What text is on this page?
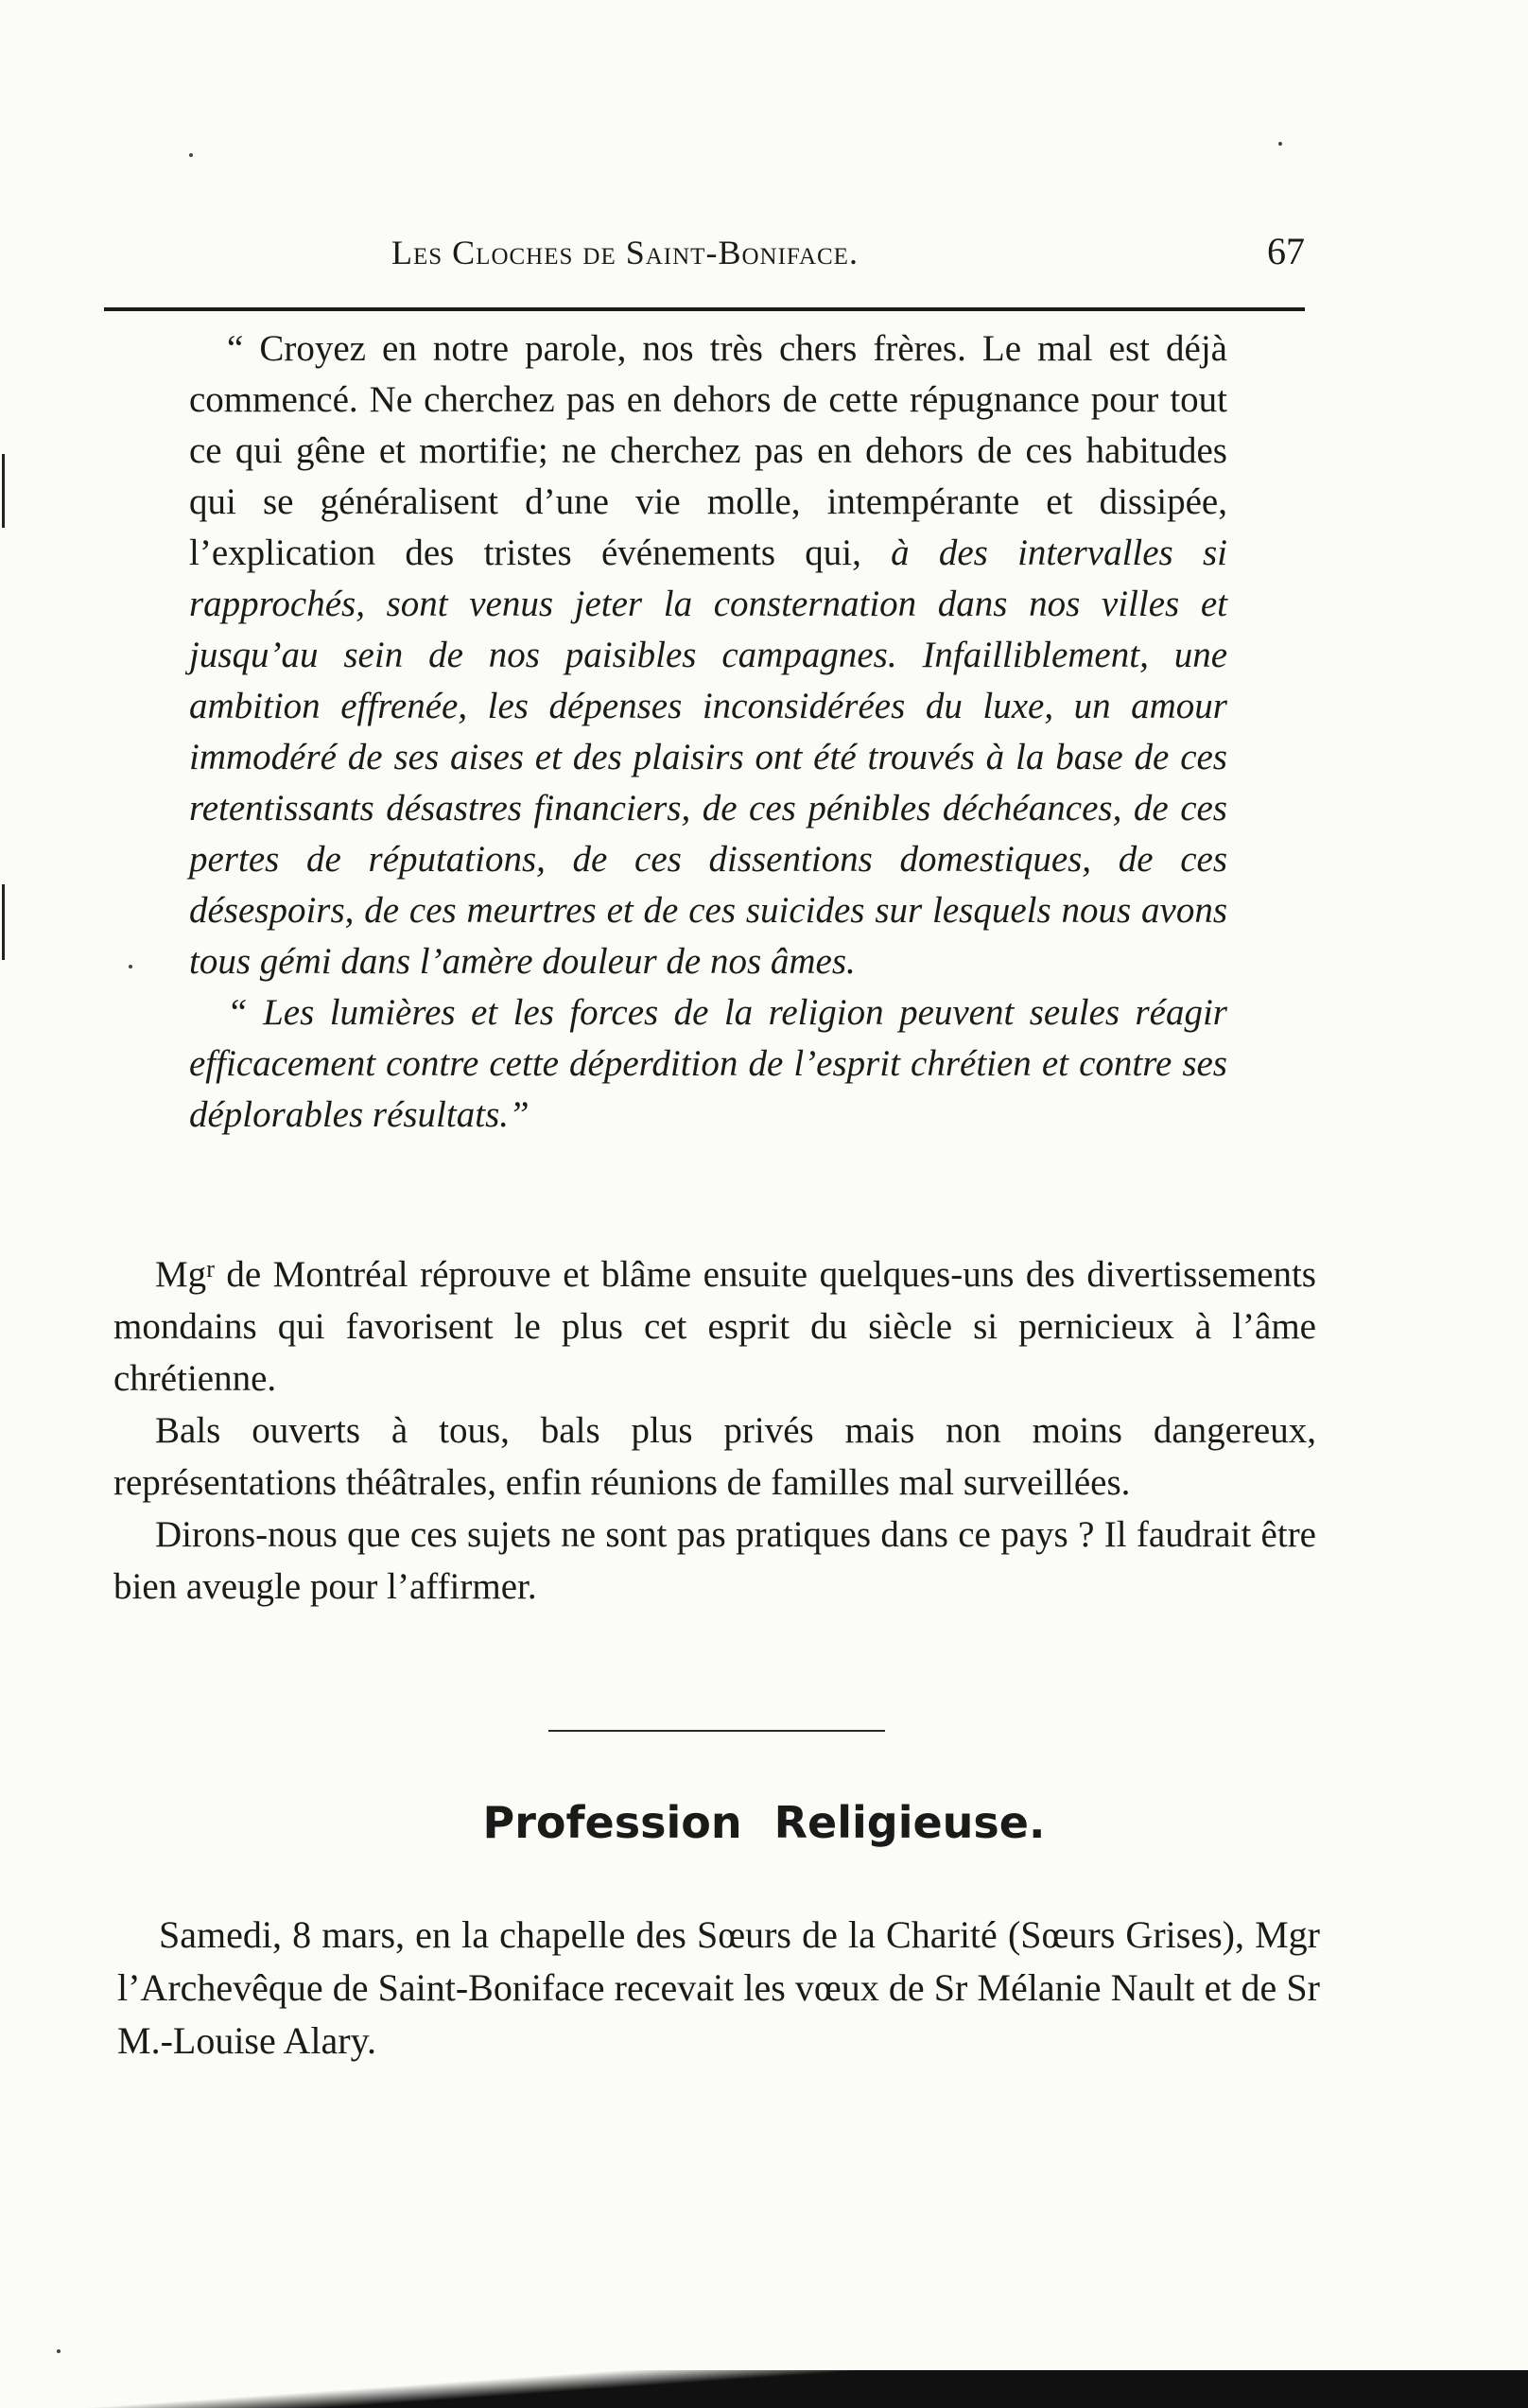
Les Cloches de Saint-Boniface.	67

“ Croyez en notre parole, nos très chers frères. Le mal est déjà commencé. Ne cherchez pas en dehors de cette répugnance pour tout ce qui gêne et mortifie; ne cherchez pas en dehors de ces habitudes qui se généralisent d’une vie molle, intempérante et dissipée, l’explication des tristes événements qui, à des intervalles si rapprochés, sont venus jeter la consternation dans nos villes et jusqu’au sein de nos paisibles campagnes. Infailliblement, une ambition effrenée, les dépenses inconsidérées du luxe, un amour immodéré de ses aises et des plaisirs ont été trouvés à la base de ces retentissants désastres financiers, de ces pénibles déchéances, de ces pertes de réputations, de ces dissentions domestiques, de ces désespoirs, de ces meurtres et de ces suicides sur lesquels nous avons tous gémi dans l’amère douleur de nos âmes.

“ Les lumières et les forces de la religion peuvent seules réagir efficacement contre cette déperdition de l’esprit chrétien et contre ses déplorables résultats.”

Mg$^r$ de Montréal réprouve et blâme ensuite quelques-uns des divertissements mondains qui favorisent le plus cet esprit du siècle si pernicieux à l’âme chrétienne.

Bals ouverts à tous, bals plus privés mais non moins dangereux, représentations théâtrales, enfin réunions de familles mal surveillées.

Dirons-nous que ces sujets ne sont pas pratiques dans ce pays ? Il faudrait être bien aveugle pour l’affirmer.

Profession Religieuse.

Samedi, 8 mars, en la chapelle des Sœurs de la Charité (Sœurs Grises), Mgr l’Archevêque de Saint-Boniface recevait les vœux de Sr Mélanie Nault et de Sr M.-Louise Alary.
